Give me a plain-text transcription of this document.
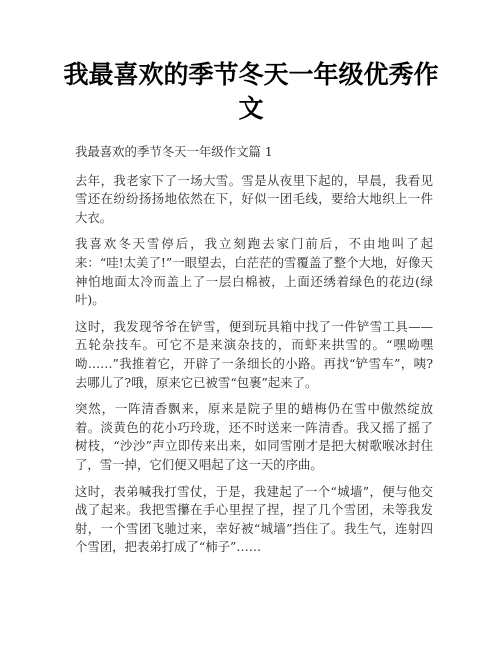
我最喜欢的季节冬天一年级优秀作文

我最喜欢的季节冬天一年级作文篇 1

去年，我老家下了一场大雪。雪是从夜里下起的，早晨，我看见雪还在纷纷扬扬地依然在下，好似一团毛线，要给大地织上一件大衣。

我喜欢冬天雪停后，我立刻跑去家门前后，不由地叫了起来：“哇!太美了!”一眼望去，白茫茫的雪覆盖了整个大地，好像天神怕地面太冷而盖上了一层白棉被，上面还绣着绿色的花边(绿叶)。

这时，我发现爷爷在铲雪，便到玩具箱中找了一件铲雪工具——五轮杂技车。可它不是来演杂技的，而虾来拱雪的。“嘿呦嘿呦……”我推着它，开辟了一条细长的小路。再找“铲雪车”，咦?去哪儿了?哦，原来它已被雪“包裹”起来了。

突然，一阵清香飘来，原来是院子里的蜡梅仍在雪中傲然绽放着。淡黄色的花小巧玲珑，还不时送来一阵清香。我又摇了摇了树枝，“沙沙”声立即传来出来，如同雪刚才是把大树歌喉冰封住了，雪一掉，它们便又唱起了这一天的序曲。

这时，表弟喊我打雪仗，于是，我建起了一个“城墙”，便与他交战了起来。我把雪攥在手心里捏了捏，捏了几个雪团，未等我发射，一个雪团飞驰过来，幸好被“城墙”挡住了。我生气，连射四个雪团，把表弟打成了“柿子”……
